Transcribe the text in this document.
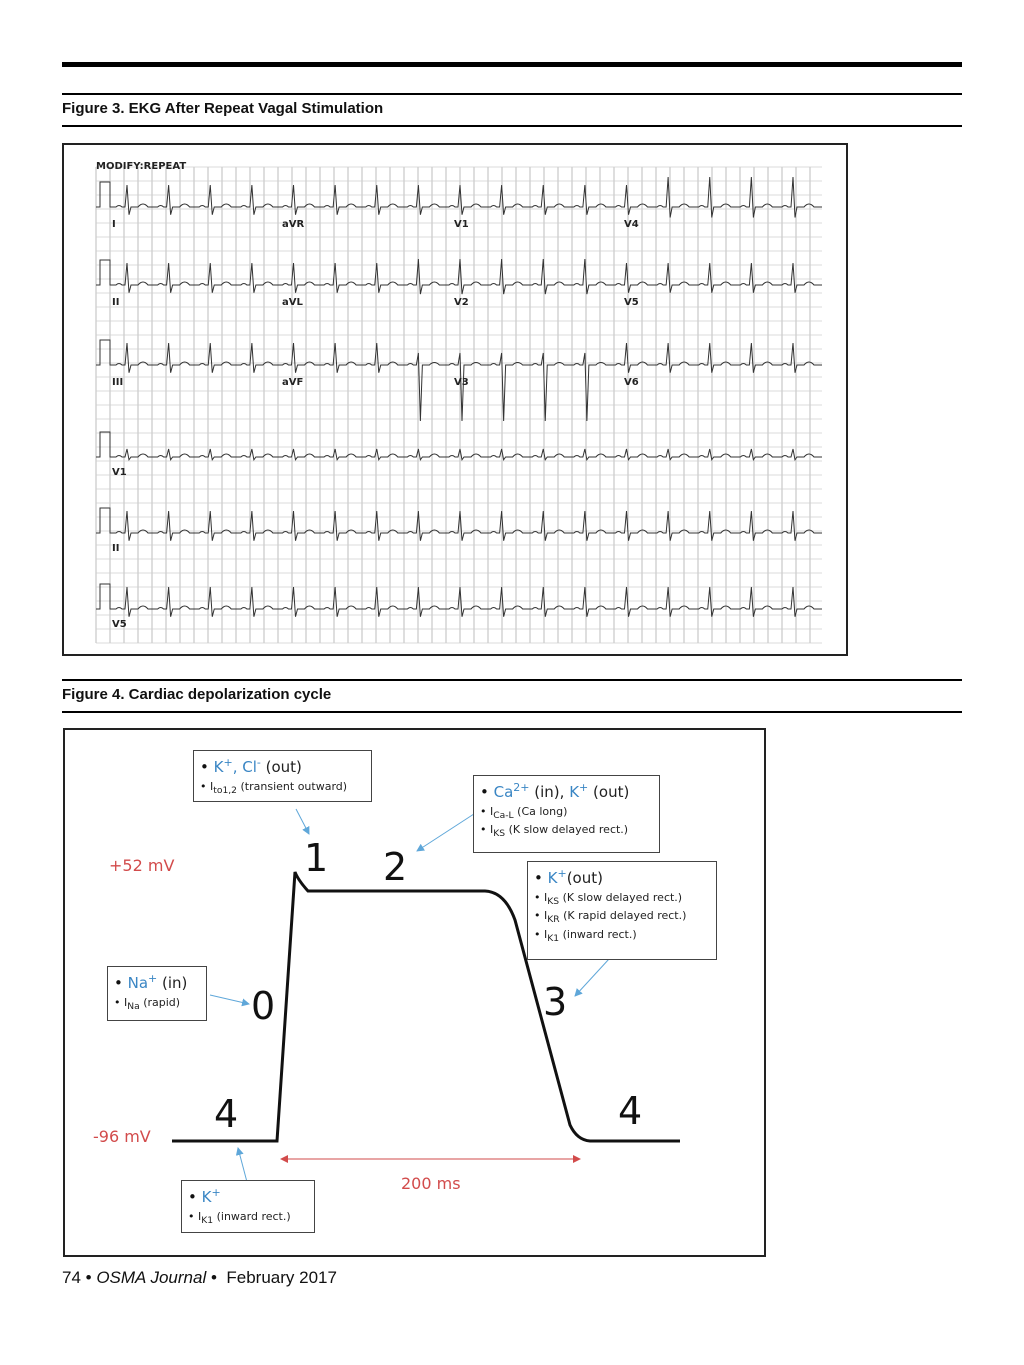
Figure 3. EKG After Repeat Vagal Stimulation
MODIFY:REPEAT
I	aVR	V1	V4
II	aVL	V2	V5
III	aVF	V3	V6
V1
II
V5
Figure 4. Cardiac depolarization cycle
+52 mV
-96 mV
200 ms
0
1 2
3
4	4
• K+, Cl- (out)
• $I_{to1,2}$ (transient outward)	• $Ca^{2+}$ (in), K+ (out)
• $I_{Ca-L}$ (Ca long)
• $I_{KS}$ (K slow delayed rect.)
• K+(out)
• $I_{KS}$ (K slow delayed rect.)
• $I_{KR}$ (K rapid delayed rect.)
• $I_{K1}$ (inward rect.)
• Na+ (in)
• $I_{Na}$ (rapid)
• K+
• $I_{K1}$ (inward rect.)
74 • OSMA Journal •  February 2017
